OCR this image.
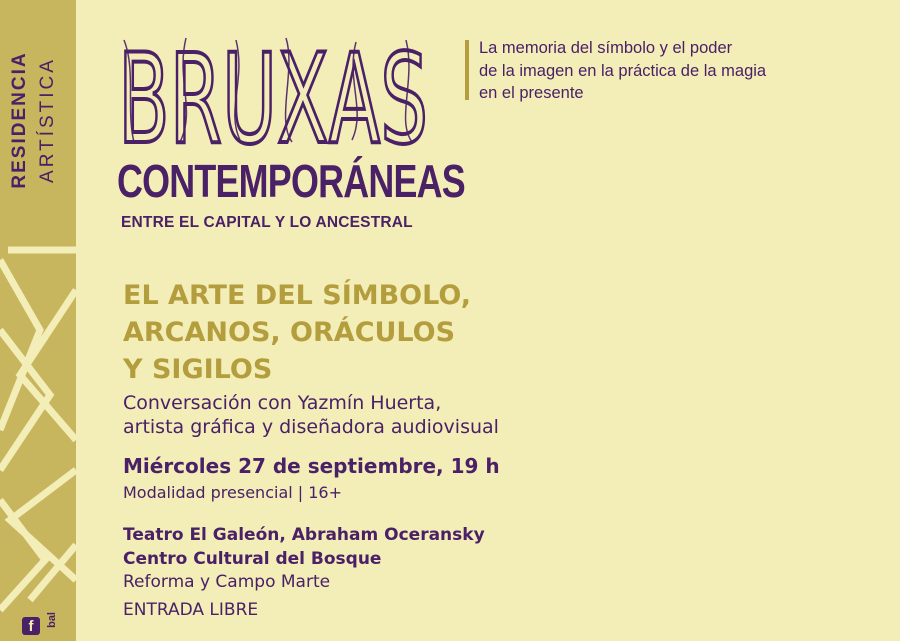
RESIDENCIA ARTÍSTICA
f	bal
BRUXAS
CONTEMPORÁNEAS
ENTRE EL CAPITAL Y LO ANCESTRAL
La memoria del símbolo y el poder
de la imagen en la práctica de la magia
en el presente
EL ARTE DEL SÍMBOLO,
ARCANOS, ORÁCULOS
Y SIGILOS
Conversación con Yazmín Huerta,
artista gráfica y diseñadora audiovisual
Miércoles 27 de septiembre, 19 h
Modalidad presencial | 16+
Teatro El Galeón, Abraham Oceransky
Centro Cultural del Bosque
Reforma y Campo Marte
ENTRADA LIBRE
